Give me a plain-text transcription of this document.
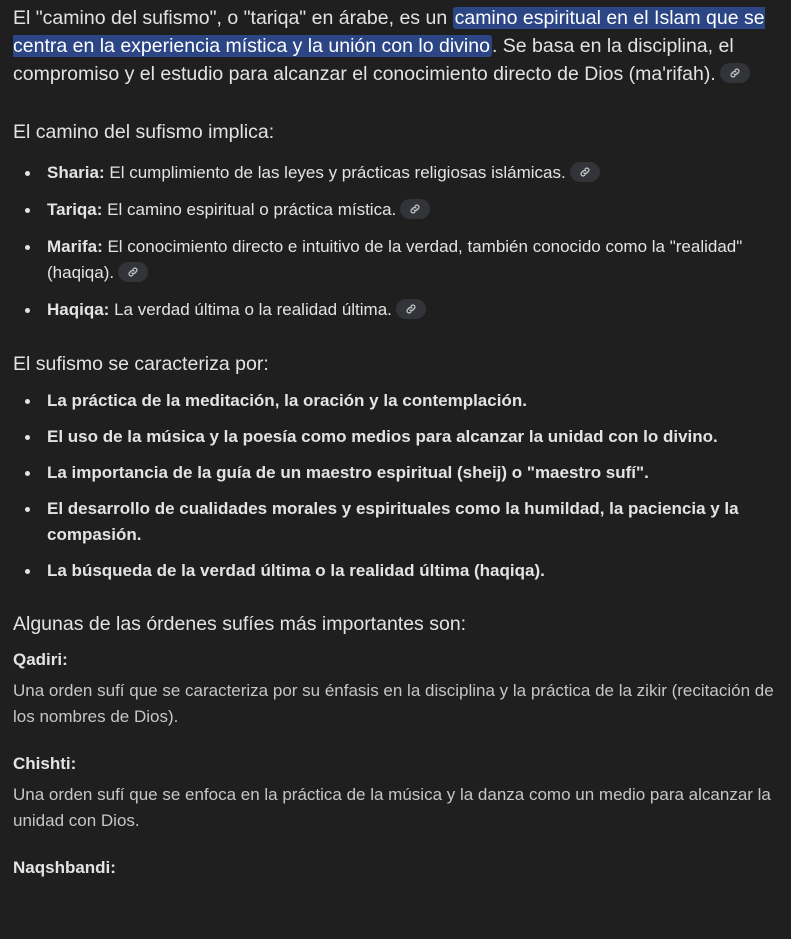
El "camino del sufismo", o "tariqa" en árabe, es un camino espiritual en el Islam que se centra en la experiencia mística y la unión con lo divino . Se basa en la disciplina, el compromiso y el estudio para alcanzar el conocimiento directo de Dios (ma'rifah).

El camino del sufismo implica:

Sharia: El cumplimiento de las leyes y prácticas religiosas islámicas.
Tariqa: El camino espiritual o práctica mística.
Marifa: El conocimiento directo e intuitivo de la verdad, también conocido como la "realidad" (haqiqa).
Haqiqa: La verdad última o la realidad última.

El sufismo se caracteriza por:

La práctica de la meditación, la oración y la contemplación.
El uso de la música y la poesía como medios para alcanzar la unidad con lo divino.
La importancia de la guía de un maestro espiritual (sheij) o "maestro sufí".
El desarrollo de cualidades morales y espirituales como la humildad, la paciencia y la compasión.
La búsqueda de la verdad última o la realidad última (haqiqa).

Algunas de las órdenes sufíes más importantes son:

Qadiri:

Una orden sufí que se caracteriza por su énfasis en la disciplina y la práctica de la zikir (recitación de los nombres de Dios).

Chishti:

Una orden sufí que se enfoca en la práctica de la música y la danza como un medio para alcanzar la unidad con Dios.

Naqshbandi:
